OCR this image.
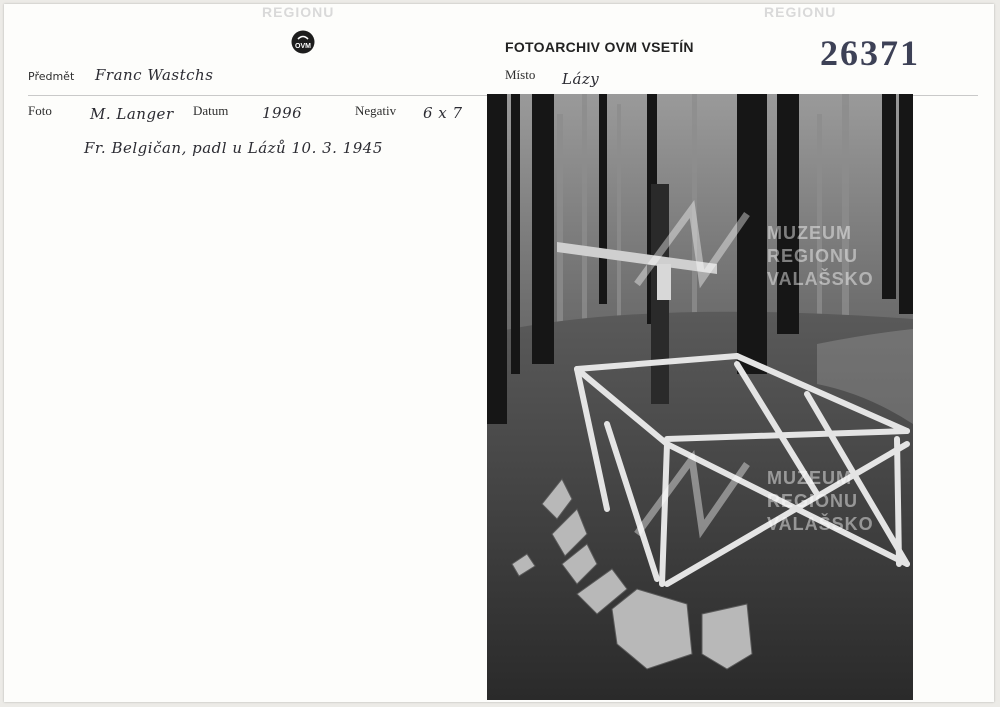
REGIONU	REGIONU
OVM	FOTOARCHIV OVM VSETÍN	26371
Předmět Franc Wastchs	Místo Lázy
Foto	M. Langer Datum 1996	Negativ 6 x 7
Fr. Belgičan, padl u Lázů 10. 3. 1945
MUZEUM
REGIONU
VALAŠSKO
MUZEUM
REGIONU
VALAŠSKO
